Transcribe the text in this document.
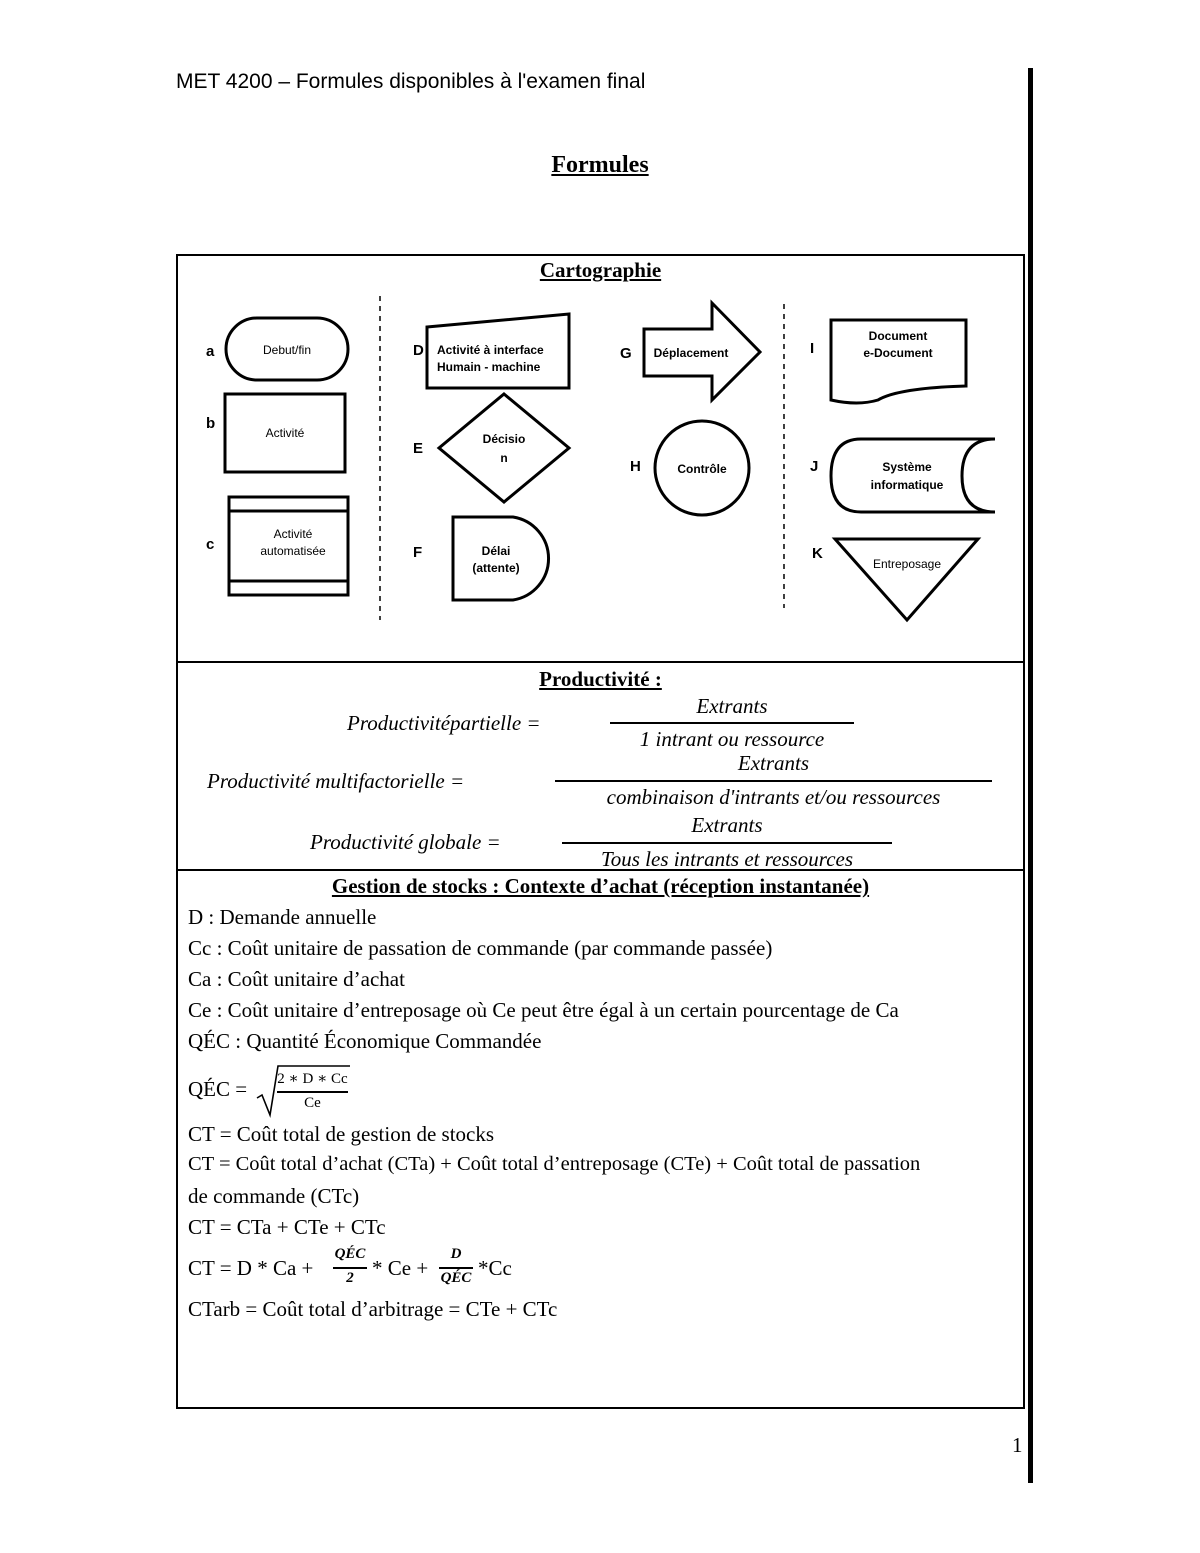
MET 4200 – Formules disponibles à l'examen final
Formules
1
Cartographie
a
b
c
D
E
F
G
H
I
J
K
Debut/fin
Activité
Activité
automatisée
Activité à interface
Humain - machine
Décisio
n
Délai
(attente)
Déplacement
Contrôle
Document
e-Document
Système
informatique
Entreposage
Productivité :
Productivitépartielle =
Extrants
1 intrant ou ressource
Productivité multifactorielle =
Extrants
combinaison d'intrants et/ou ressources
Productivité globale =
Extrants
Tous les intrants et ressources
Gestion de stocks : Contexte d’achat (réception instantanée)
D : Demande annuelle
Cc : Coût unitaire de passation de commande (par commande passée)
Ca : Coût unitaire d’achat
Ce : Coût unitaire d’entreposage où Ce peut être égal à un certain pourcentage de Ca
QÉC : Quantité Économique Commandée
QÉC = 2 ∗ D ∗ Cc
Ce
CT = Coût total de gestion de stocks
CT = Coût total d’achat (CTa) + Coût total d’entreposage (CTe) + Coût total de passation
de commande (CTc)
CT = CTa + CTe + CTc
CT = D * Ca +
QÉC
2 * Ce +
D
QÉC *Cc
CTarb = Coût total d’arbitrage = CTe + CTc
